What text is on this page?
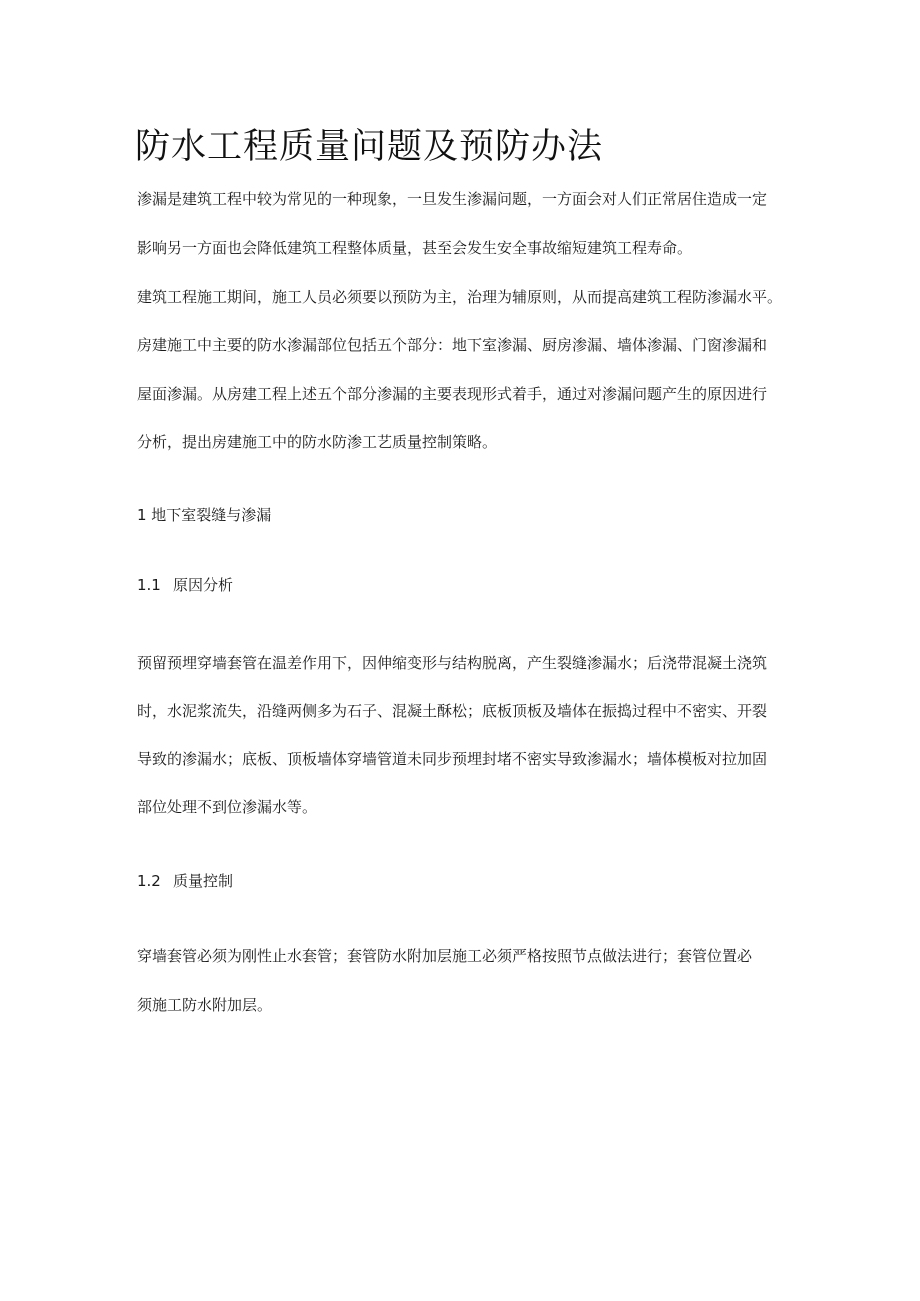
防水工程质量问题及预防办法

渗漏是建筑工程中较为常见的一种现象，一旦发生渗漏问题，一方面会对人们正常居住造成一定

影响另一方面也会降低建筑工程整体质量，甚至会发生安全事故缩短建筑工程寿命。

建筑工程施工期间，施工人员必须要以预防为主，治理为辅原则，从而提高建筑工程防渗漏水平。

房建施工中主要的防水渗漏部位包括五个部分：地下室渗漏、厨房渗漏、墙体渗漏、门窗渗漏和

屋面渗漏。从房建工程上述五个部分渗漏的主要表现形式着手，通过对渗漏问题产生的原因进行

分析，提出房建施工中的防水防渗工艺质量控制策略。

1 地下室裂缝与渗漏

1.1 原因分析

预留预埋穿墙套管在温差作用下，因伸缩变形与结构脱离，产生裂缝渗漏水；后浇带混凝土浇筑

时，水泥浆流失，沿缝两侧多为石子、混凝土酥松；底板顶板及墙体在振捣过程中不密实、开裂

导致的渗漏水；底板、顶板墙体穿墙管道未同步预埋封堵不密实导致渗漏水；墙体模板对拉加固

部位处理不到位渗漏水等。

1.2 质量控制

穿墙套管必须为刚性止水套管；套管防水附加层施工必须严格按照节点做法进行；套管位置必

须施工防水附加层。
